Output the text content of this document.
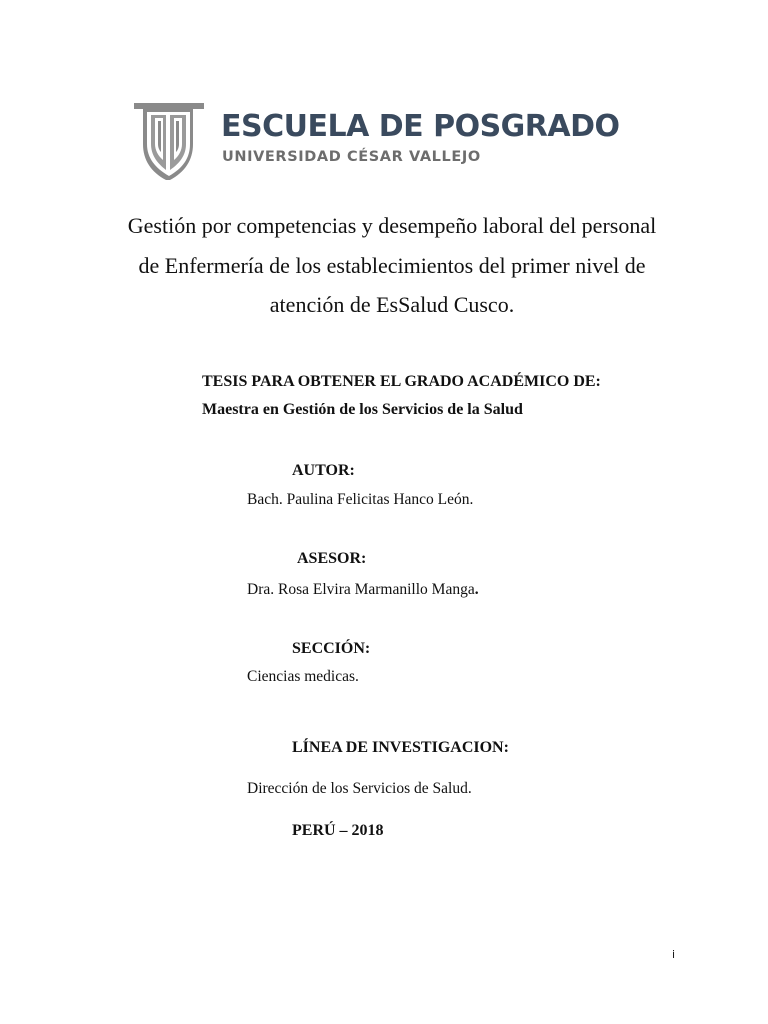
ESCUELA DE POSGRADO
UNIVERSIDAD CÉSAR VALLEJO
Gestión por competencias y desempeño laboral del personal
de Enfermería de los establecimientos del primer nivel de
atención de EsSalud Cusco.
TESIS PARA OBTENER EL GRADO ACADÉMICO DE:
Maestra en Gestión de los Servicios de la Salud
AUTOR:
Bach. Paulina Felicitas Hanco León.
ASESOR:
Dra. Rosa Elvira Marmanillo Manga.
SECCIÓN:
Ciencias medicas.
LÍNEA DE INVESTIGACION:
Dirección de los Servicios de Salud.
PERÚ – 2018
i
